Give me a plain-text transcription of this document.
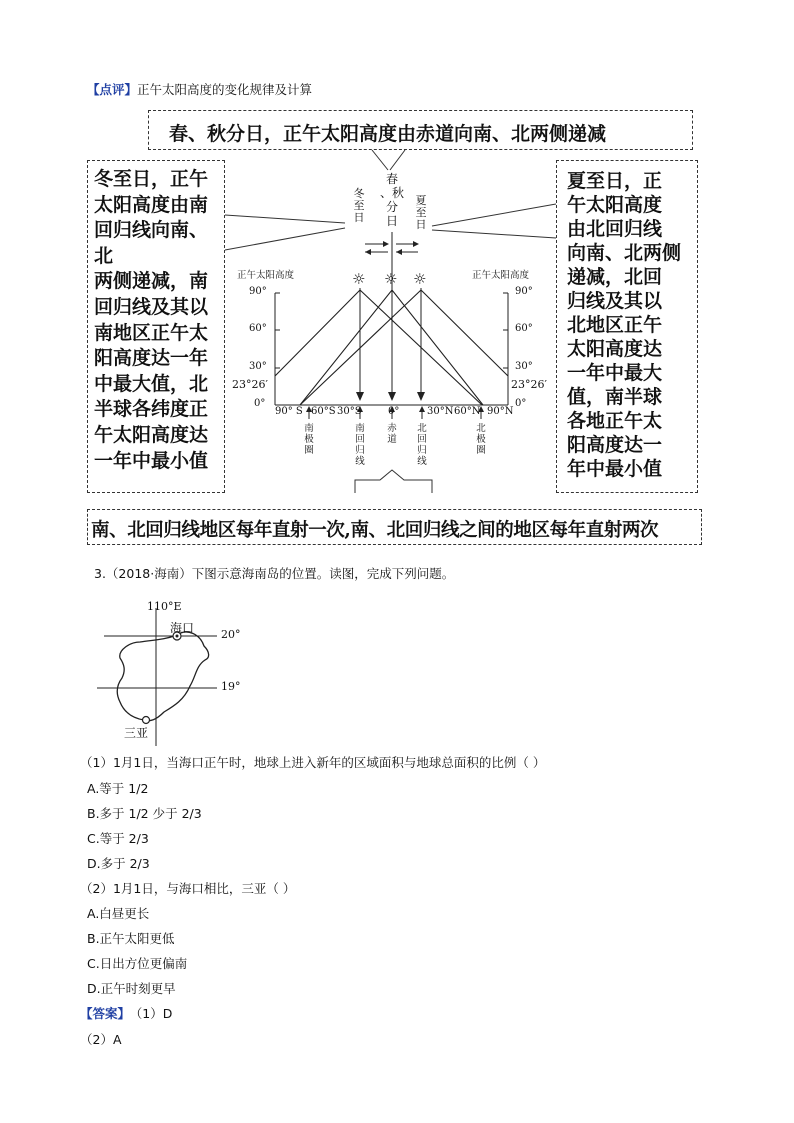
【点评】正午太阳高度的变化规律及计算
春、秋分日，正午太阳高度由赤道向南、北两侧递减
冬至日，正午
太阳高度由南
回归线向南、北
两侧递减，南
回归线及其以
南地区正午太
阳高度达一年
中最大值，北
半球各纬度正
午太阳高度达
一年中最小值
夏至日，正
午太阳高度
由北回归线
向南、北两侧
递减，北回
归线及其以
北地区正午
太阳高度达
一年中最大
值，南半球
各地正午太
阳高度达一
年中最小值
南、北回归线地区每年直射一次,南、北回归线之间的地区每年直射两次
冬
至
日
春
、秋
分
日
夏
至
日
☼ ☼ ☼
正午太阳高度	正午太阳高度
90°
60°
30°
23°26′
0°
90°
60°
30°
23°26′
0°
90° S 60°S 30°S	0°	30°N 60°N 90°N
南
极
圈
南
回
归
线
赤
道
北
回
归
线
北
极
圈
3.（2018·海南）下图示意海南岛的位置。读图，完成下列问题。
110°E
海口 20°
19°
三亚
（1）1月1日，当海口正午时，地球上进入新年的区域面积与地球总面积的比例（ ）
A.等于 1/2
B.多于 1/2 少于 2/3
C.等于 2/3
D.多于 2/3
（2）1月1日，与海口相比，三亚（ ）
A.白昼更长
B.正午太阳更低
C.日出方位更偏南
D.正午时刻更早
【答案】 （1）D
（2）A
